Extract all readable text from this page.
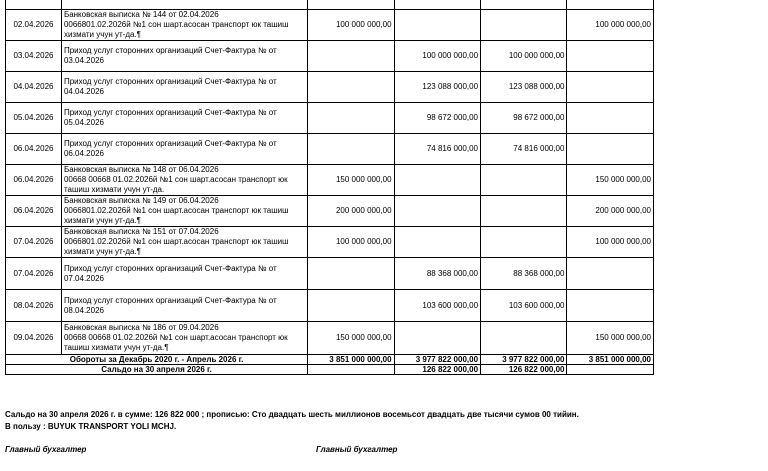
02.04.2026	Банковская выписка № 144 от 02.04.2026
0066801.02.2026й №1 сон шарт.асосан транспорт юк ташиш
хизмати учун ут-да.¶	100 000 000,00			100 000 000,00
03.04.2026	Приход услуг сторонних организаций Счет-Фактура № от
03.04.2026		100 000 000,00	100 000 000,00	
04.04.2026	Приход услуг сторонних организаций Счет-Фактура № от
04.04.2026		123 088 000,00	123 088 000,00	
05.04.2026	Приход услуг сторонних организаций Счет-Фактура № от
05.04.2026		98 672 000,00	98 672 000,00	
06.04.2026	Приход услуг сторонних организаций Счет-Фактура № от
06.04.2026		74 816 000,00	74 816 000,00	
06.04.2026	Банковская выписка № 148 от 06.04.2026
00668 00668 01.02.2026й №1 сон шарт.асосан транспорт юк
ташиш хизмати учун ут-да.	150 000 000,00			150 000 000,00
06.04.2026	Банковская выписка № 149 от 06.04.2026
0066801.02.2026й №1 сон шарт.асосан транспорт юк ташиш
хизмати учун ут-да.¶	200 000 000,00			200 000 000,00
07.04.2026	Банковская выписка № 151 от 07.04.2026
0066801.02.2026й №1 сон шарт.асосан транспорт юк ташиш
хизмати учун ут-да.¶	100 000 000,00			100 000 000,00
07.04.2026	Приход услуг сторонних организаций Счет-Фактура № от
07.04.2026		88 368 000,00	88 368 000,00	
08.04.2026	Приход услуг сторонних организаций Счет-Фактура № от
08.04.2026		103 600 000,00	103 600 000,00	
09.04.2026	Банковская выписка № 186 от 09.04.2026
00668 00668 01.02.2026й №1 сон шарт.асосан транспорт юк
ташиш хизмати учун ут-да.¶	150 000 000,00			150 000 000,00
Обороты за Декабрь 2020 г. - Апрель 2026 г.		3 851 000 000,00	3 977 822 000,00	3 977 822 000,00	3 851 000 000,00
Сальдо на 30 апреля 2026 г.			126 822 000,00	126 822 000,00	
Сальдо на 30 апреля 2026 г. в сумме: 126 822 000 ; прописью: Сто двадцать шесть миллионов восемьсот двадцать две тысячи сумов 00 тийин.
В пользу : BUYUK TRANSPORT YOLI MCHJ.
Главный бухгалтер	Главный бухгалтер
